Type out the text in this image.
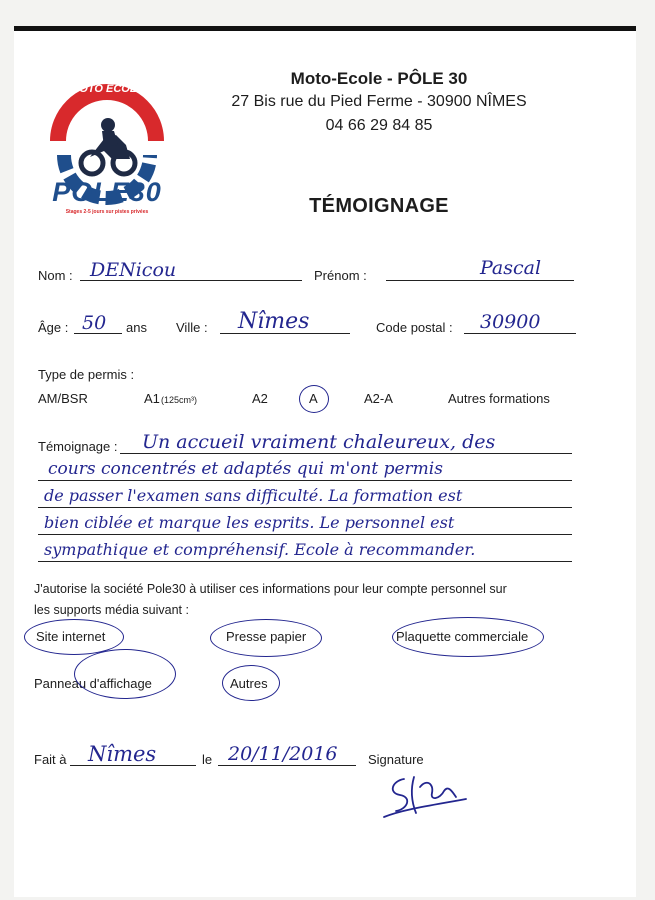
MOTO ÉCOLE
POLE30
Stages 2-5 jours sur pistes privées
Moto-Ecole - PÔLE 30
27 Bis rue du Pied Ferme - 30900 NÎMES
04 66 29 84 85
TÉMOIGNAGE
Nom : DENicou	Prénom :	Pascal
Âge : 50 ans Ville : Nîmes	Code postal : 30900
Type de permis :
AM/BSR	A1 (125cm³)	A2	A	A2-A	Autres formations
Témoignage : Un accueil vraiment chaleureux, des
cours concentrés et adaptés qui m'ont permis
de passer l'examen sans difficulté. La formation est
bien ciblée et marque les esprits. Le personnel est
sympathique et compréhensif. Ecole à recommander.
J'autorise la société Pole30 à utiliser ces informations pour leur compte personnel sur
les supports média suivant :
Site internet	Presse papier	Plaquette commerciale
Panneau d'affichage	Autres
Fait à Nîmes	le 20/11/2016 Signature
